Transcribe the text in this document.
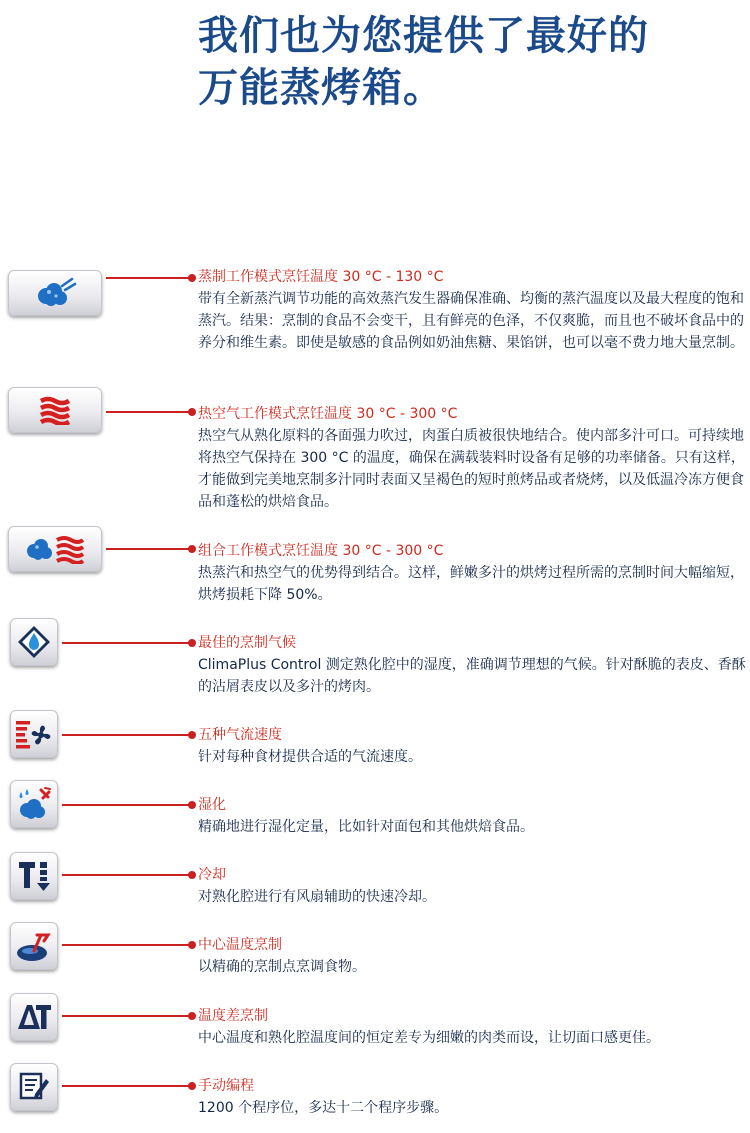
我们也为您提供了最好的
万能蒸烤箱。

蒸制工作模式烹饪温度 30 °C - 130 °C

带有全新蒸汽调节功能的高效蒸汽发生器确保准确、均衡的蒸汽温度以及最大程度的饱和蒸汽。结果：烹制的食品不会变干，且有鲜亮的色泽，不仅爽脆，而且也不破坏食品中的养分和维生素。即使是敏感的食品例如奶油焦糖、果馅饼，也可以毫不费力地大量烹制。

热空气工作模式烹饪温度 30 °C - 300 °C

热空气从熟化原料的各面强力吹过，肉蛋白质被很快地结合。使内部多汁可口。可持续地将热空气保持在 300 °C 的温度，确保在满载装料时设备有足够的功率储备。只有这样，才能做到完美地烹制多汁同时表面又呈褐色的短时煎烤品或者烧烤，以及低温冷冻方便食品和蓬松的烘焙食品。

组合工作模式烹饪温度 30 °C - 300 °C

热蒸汽和热空气的优势得到结合。这样，鲜嫩多汁的烘烤过程所需的烹制时间大幅缩短，烘烤损耗下降 50%。

最佳的烹制气候

ClimaPlus Control 测定熟化腔中的湿度，准确调节理想的气候。针对酥脆的表皮、香酥的沾屑表皮以及多汁的烤肉。

五种气流速度

针对每种食材提供合适的气流速度。

湿化

精确地进行湿化定量，比如针对面包和其他烘焙食品。

冷却

对熟化腔进行有风扇辅助的快速冷却。

中心温度烹制

以精确的烹制点烹调食物。

温度差烹制

中心温度和熟化腔温度间的恒定差专为细嫩的肉类而设，让切面口感更佳。

手动编程

1200 个程序位，多达十二个程序步骤。
